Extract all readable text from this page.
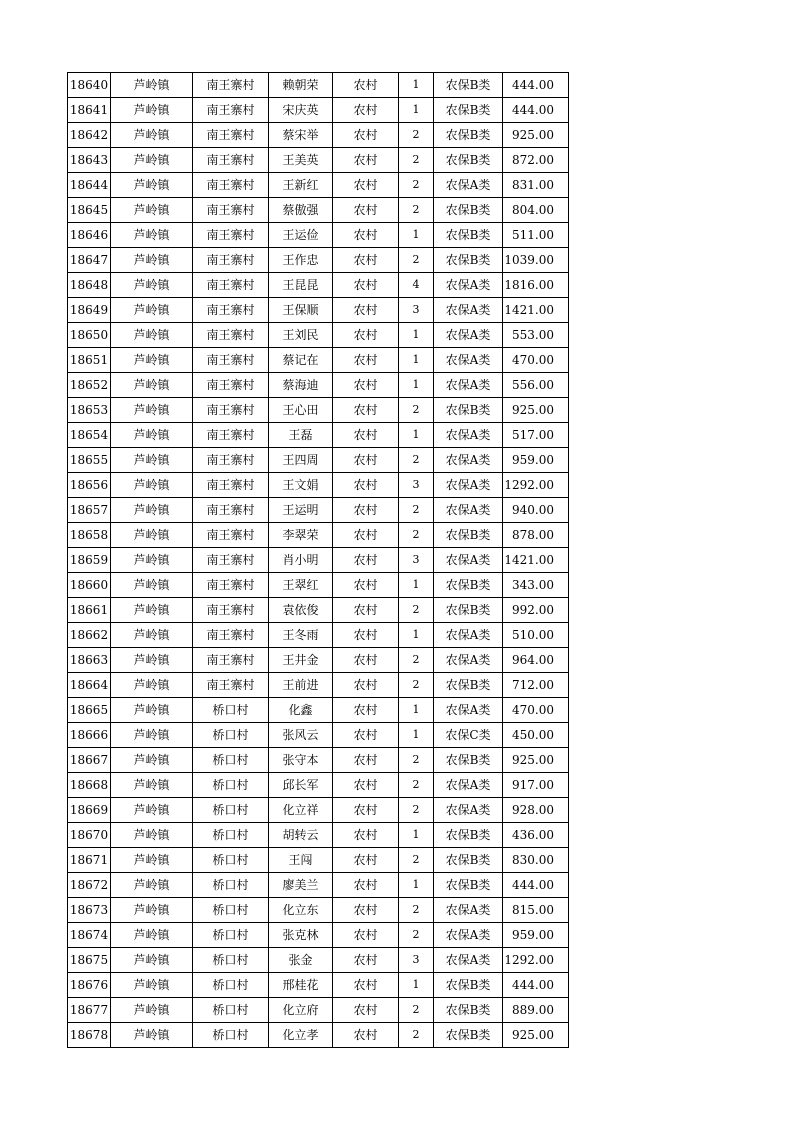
18640	芦岭镇	南王寨村	赖朝荣	农村	1	农保B类	444.00
18641	芦岭镇	南王寨村	宋庆英	农村	1	农保B类	444.00
18642	芦岭镇	南王寨村	蔡宋举	农村	2	农保B类	925.00
18643	芦岭镇	南王寨村	王美英	农村	2	农保B类	872.00
18644	芦岭镇	南王寨村	王新红	农村	2	农保A类	831.00
18645	芦岭镇	南王寨村	蔡傲强	农村	2	农保B类	804.00
18646	芦岭镇	南王寨村	王运俭	农村	1	农保B类	511.00
18647	芦岭镇	南王寨村	王作忠	农村	2	农保B类	1039.00
18648	芦岭镇	南王寨村	王昆昆	农村	4	农保A类	1816.00
18649	芦岭镇	南王寨村	王保顺	农村	3	农保A类	1421.00
18650	芦岭镇	南王寨村	王刘民	农村	1	农保A类	553.00
18651	芦岭镇	南王寨村	蔡记在	农村	1	农保A类	470.00
18652	芦岭镇	南王寨村	蔡海迪	农村	1	农保A类	556.00
18653	芦岭镇	南王寨村	王心田	农村	2	农保B类	925.00
18654	芦岭镇	南王寨村	王磊	农村	1	农保A类	517.00
18655	芦岭镇	南王寨村	王四周	农村	2	农保A类	959.00
18656	芦岭镇	南王寨村	王文娟	农村	3	农保A类	1292.00
18657	芦岭镇	南王寨村	王运明	农村	2	农保A类	940.00
18658	芦岭镇	南王寨村	李翠荣	农村	2	农保B类	878.00
18659	芦岭镇	南王寨村	肖小明	农村	3	农保A类	1421.00
18660	芦岭镇	南王寨村	王翠红	农村	1	农保B类	343.00
18661	芦岭镇	南王寨村	袁依俊	农村	2	农保B类	992.00
18662	芦岭镇	南王寨村	王冬雨	农村	1	农保A类	510.00
18663	芦岭镇	南王寨村	王井金	农村	2	农保A类	964.00
18664	芦岭镇	南王寨村	王前进	农村	2	农保B类	712.00
18665	芦岭镇	桥口村	化鑫	农村	1	农保A类	470.00
18666	芦岭镇	桥口村	张风云	农村	1	农保C类	450.00
18667	芦岭镇	桥口村	张守本	农村	2	农保B类	925.00
18668	芦岭镇	桥口村	邱长军	农村	2	农保A类	917.00
18669	芦岭镇	桥口村	化立祥	农村	2	农保A类	928.00
18670	芦岭镇	桥口村	胡转云	农村	1	农保B类	436.00
18671	芦岭镇	桥口村	王闯	农村	2	农保B类	830.00
18672	芦岭镇	桥口村	廖美兰	农村	1	农保B类	444.00
18673	芦岭镇	桥口村	化立东	农村	2	农保A类	815.00
18674	芦岭镇	桥口村	张克林	农村	2	农保A类	959.00
18675	芦岭镇	桥口村	张金	农村	3	农保A类	1292.00
18676	芦岭镇	桥口村	邢桂花	农村	1	农保B类	444.00
18677	芦岭镇	桥口村	化立府	农村	2	农保B类	889.00
18678	芦岭镇	桥口村	化立孝	农村	2	农保B类	925.00
